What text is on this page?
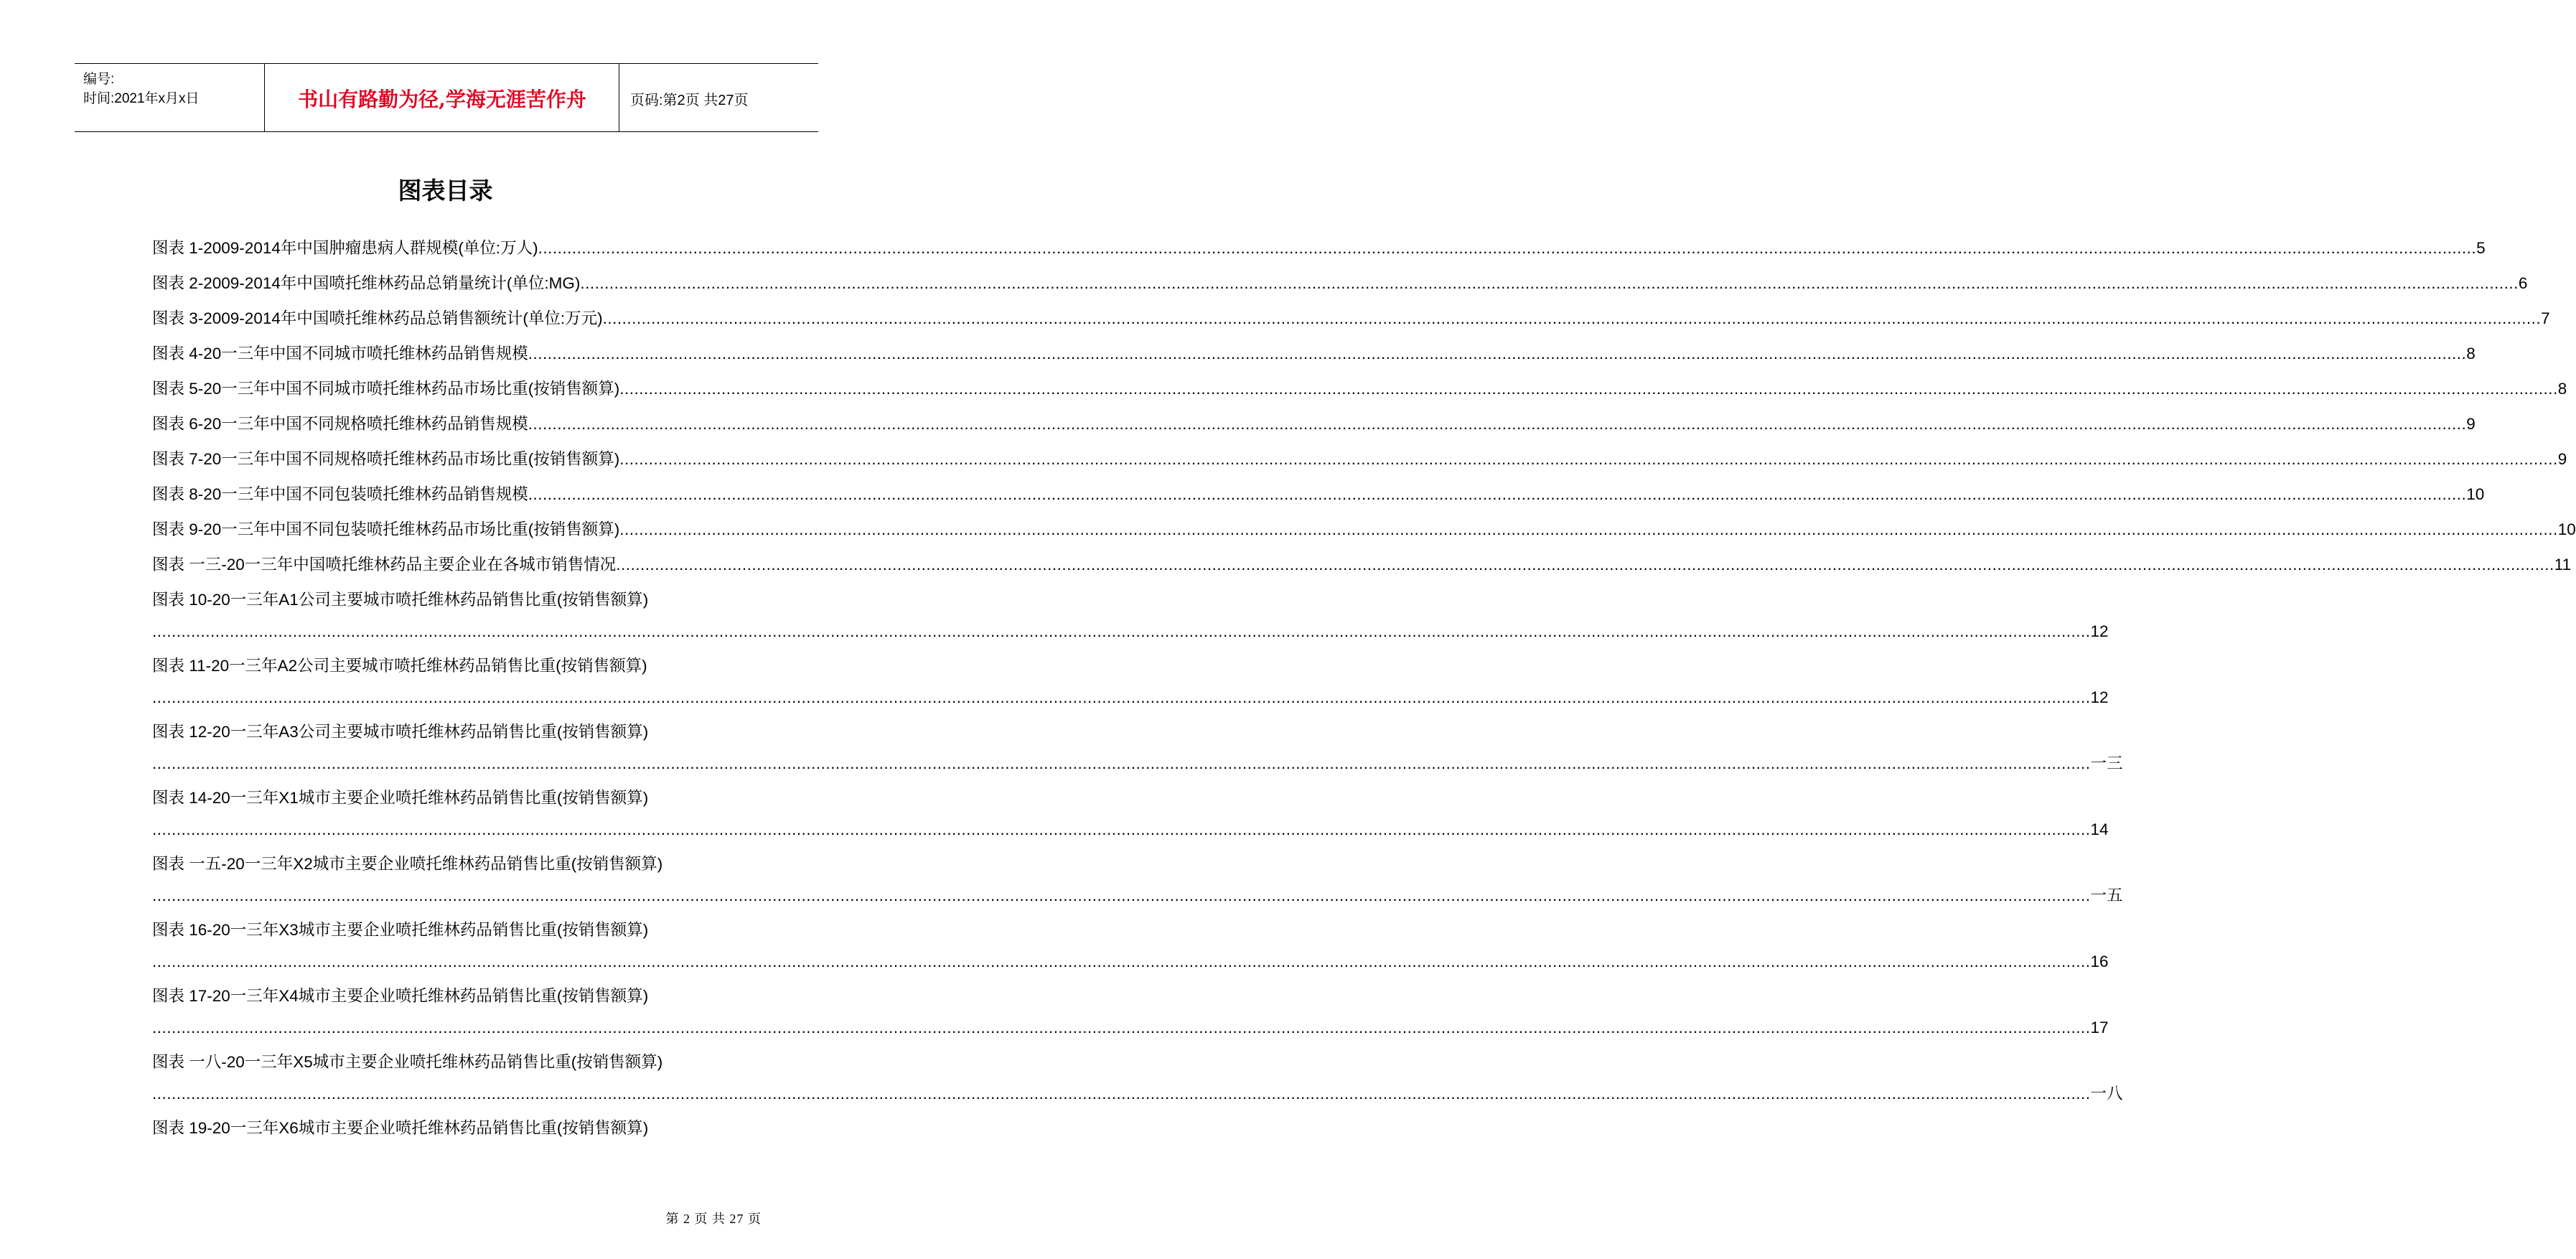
编号:
时间:2021年x月x日	书山有路勤为径,学海无涯苦作舟	页码:第2页 共27页
图表目录
图表 1-2009-2014年中国肿瘤患病人群规模(单位:万人) ................................................................................................................................................................................................................................................................................................................................................................................................................ 5
图表 2-2009-2014年中国喷托维林药品总销量统计(单位:MG) ................................................................................................................................................................................................................................................................................................................................................................................................................ 6
图表 3-2009-2014年中国喷托维林药品总销售额统计(单位:万元) ................................................................................................................................................................................................................................................................................................................................................................................................................ 7
图表 4-20一三年中国不同城市喷托维林药品销售规模 ................................................................................................................................................................................................................................................................................................................................................................................................................ 8
图表 5-20一三年中国不同城市喷托维林药品市场比重(按销售额算) ................................................................................................................................................................................................................................................................................................................................................................................................................ 8
图表 6-20一三年中国不同规格喷托维林药品销售规模 ................................................................................................................................................................................................................................................................................................................................................................................................................ 9
图表 7-20一三年中国不同规格喷托维林药品市场比重(按销售额算) ................................................................................................................................................................................................................................................................................................................................................................................................................ 9
图表 8-20一三年中国不同包装喷托维林药品销售规模 ................................................................................................................................................................................................................................................................................................................................................................................................................ 10
图表 9-20一三年中国不同包装喷托维林药品市场比重(按销售额算) ................................................................................................................................................................................................................................................................................................................................................................................................................ 10
图表 一三-20一三年中国喷托维林药品主要企业在各城市销售情况 ................................................................................................................................................................................................................................................................................................................................................................................................................ 11
图表 10-20一三年A1公司主要城市喷托维林药品销售比重(按销售额算)
................................................................................................................................................................................................................................................................................................................................................................................................................ 12
图表 11-20一三年A2公司主要城市喷托维林药品销售比重(按销售额算)
................................................................................................................................................................................................................................................................................................................................................................................................................ 12
图表 12-20一三年A3公司主要城市喷托维林药品销售比重(按销售额算)
................................................................................................................................................................................................................................................................................................................................................................................................................ 一三
图表 14-20一三年X1城市主要企业喷托维林药品销售比重(按销售额算)
................................................................................................................................................................................................................................................................................................................................................................................................................ 14
图表 一五-20一三年X2城市主要企业喷托维林药品销售比重(按销售额算)
................................................................................................................................................................................................................................................................................................................................................................................................................ 一五
图表 16-20一三年X3城市主要企业喷托维林药品销售比重(按销售额算)
................................................................................................................................................................................................................................................................................................................................................................................................................ 16
图表 17-20一三年X4城市主要企业喷托维林药品销售比重(按销售额算)
................................................................................................................................................................................................................................................................................................................................................................................................................ 17
图表 一八-20一三年X5城市主要企业喷托维林药品销售比重(按销售额算)
................................................................................................................................................................................................................................................................................................................................................................................................................ 一八
图表 19-20一三年X6城市主要企业喷托维林药品销售比重(按销售额算)
第 2 页 共 27 页
